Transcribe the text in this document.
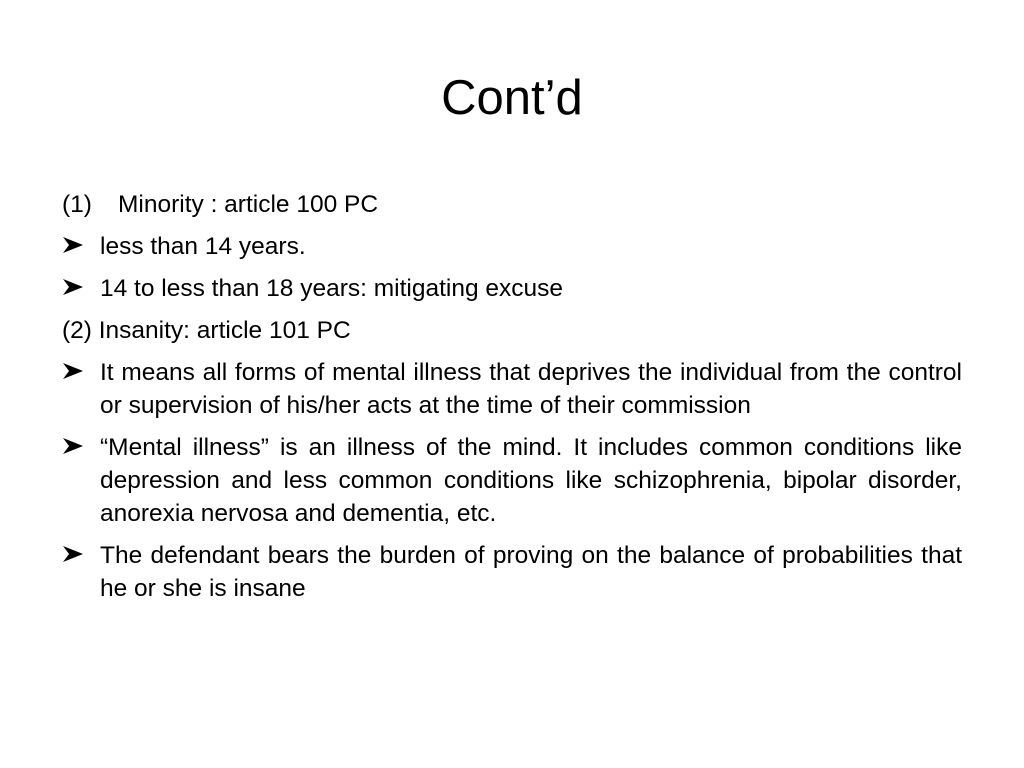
Cont’d

(1) Minority : article 100 PC

less than 14 years.
14 to less than 18 years: mitigating excuse

(2) Insanity: article 101 PC

It means all forms of mental illness that deprives the individual from the control or supervision of his/her acts at the time of their commission
“Mental illness” is an illness of the mind. It includes common conditions like depression and less common conditions like schizophrenia, bipolar disorder, anorexia nervosa and dementia, etc.
The defendant bears the burden of proving on the balance of probabilities that he or she is insane
